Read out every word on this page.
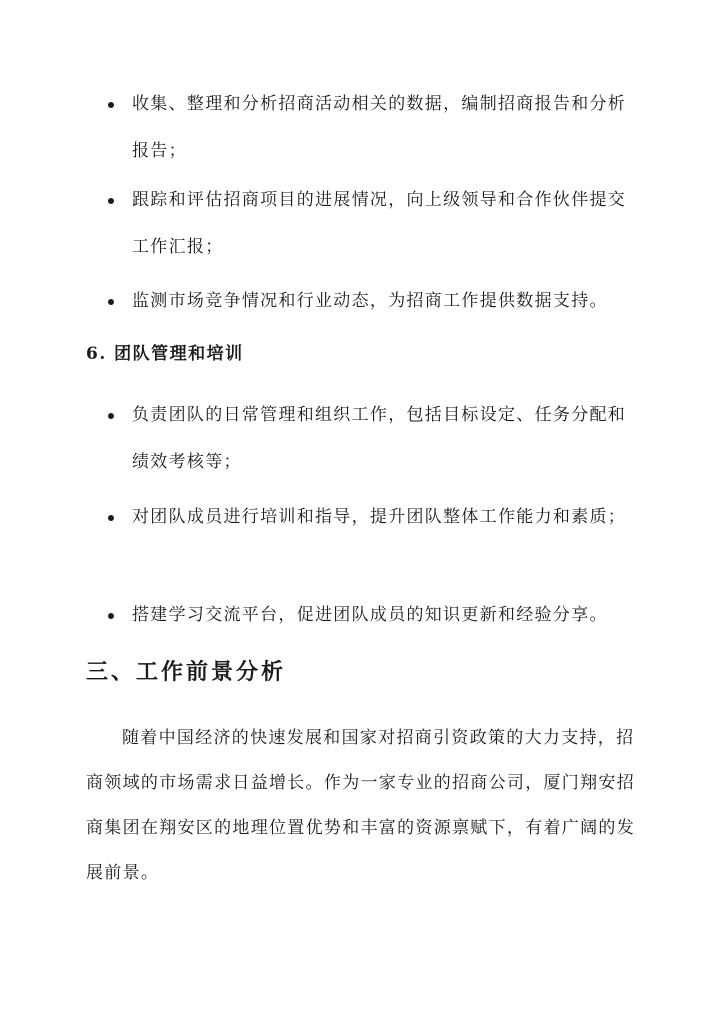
收集、整理和分析招商活动相关的数据，编制招商报告和分析报告；

跟踪和评估招商项目的进展情况，向上级领导和合作伙伴提交工作汇报；

监测市场竞争情况和行业动态，为招商工作提供数据支持。

6. 团队管理和培训

负责团队的日常管理和组织工作，包括目标设定、任务分配和绩效考核等；

对团队成员进行培训和指导，提升团队整体工作能力和素质；

搭建学习交流平台，促进团队成员的知识更新和经验分享。

三、工作前景分析

随着中国经济的快速发展和国家对招商引资政策的大力支持，招商领域的市场需求日益增长。作为一家专业的招商公司，厦门翔安招商集团在翔安区的地理位置优势和丰富的资源禀赋下，有着广阔的发展前景。
